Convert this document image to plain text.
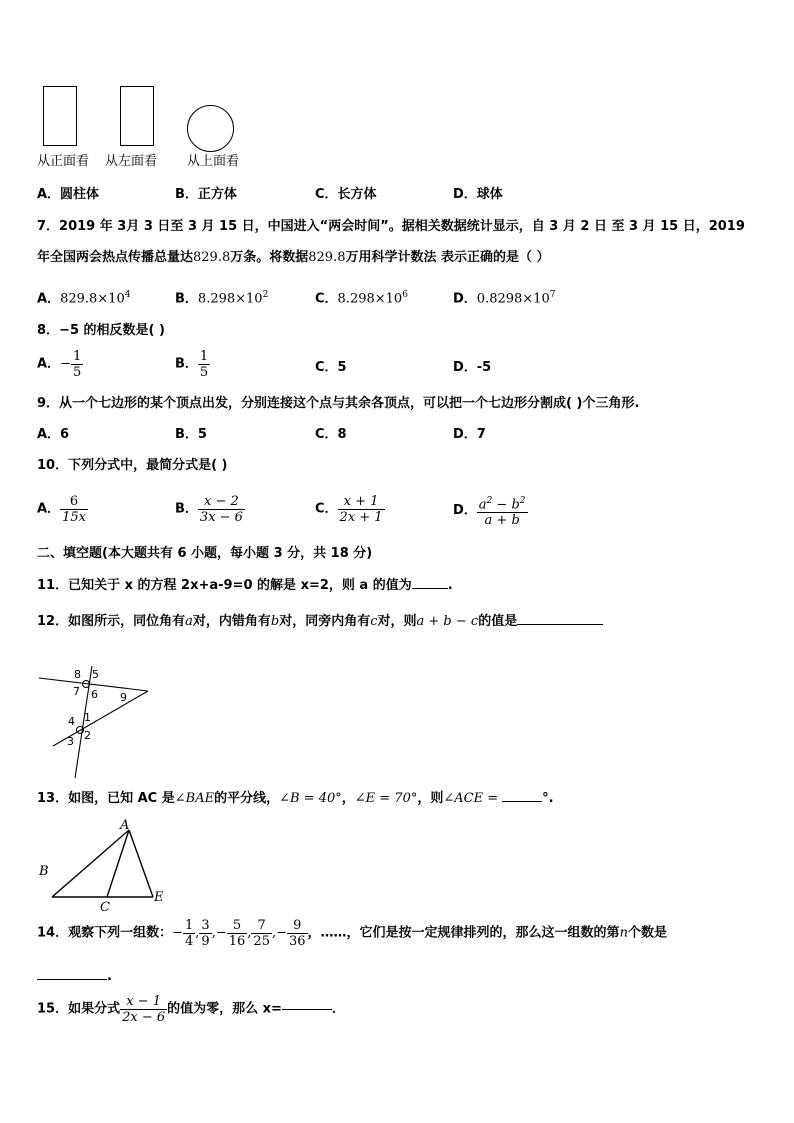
从正面看 从左面看 从上面看
A．圆柱体	B．正方体	C．长方体	D．球体
7．2019 年 3月 3 日至 3 月 15 日，中国进入“两会时间”。据相关数据统计显示，自 3 月 2 日 至 3 月 15 日，2019
年全国两会热点传播总量达829.8万条。将数据829.8万用科学计数法 表示正确的是（ ）
A．$829.8\times 10^4$	B．$8.298\times 10^2$	C．$8.298\times 10^6$	D．$0.8298\times 10^7$
8．−5 的相反数是( )
A．− $\frac{1}{5}$	B． $\frac{1}{5}$	C．5	D．-5
9．从一个七边形的某个顶点出发，分别连接这个点与其余各顶点，可以把一个七边形分割成( )个三角形.
A．6	B．5	C．8	D．7
10．下列分式中，最简分式是( )
A． $\frac{6}{15x}$	B． $\frac{x - 2}{3x - 6}$	C． $\frac{x + 1}{2x + 1}$	D． $\frac{a^2 - b^2}{a + b}$
二、填空题(本大题共有 6 小题，每小题 3 分，共 18 分)
11．已知关于 x 的方程 2x+a-9=0 的解是 x=2，则 a 的值为	.
12．如图所示，同位角有a对，内错角有b对，同旁内角有c对，则a + b − c的值是
8 5
7 6 9
4 1
3 2
13．如图，已知 AC 是∠BAE的平分线，∠B = 40°，∠E = 70°，则∠ACE =	°.
A
B
C
E
14．观察下列一组数：− $\frac{1}{4}$ , $\frac{3}{9}$ ,− $\frac{5}{16}$ , $\frac{7}{25}$ ,− $\frac{9}{36}$ ，……，它们是按一定规律排列的，那么这一组数的第n个数是
.
15．如果分式 $\frac{x - 1}{2x - 6}$ 的值为零，那么 x=	．
